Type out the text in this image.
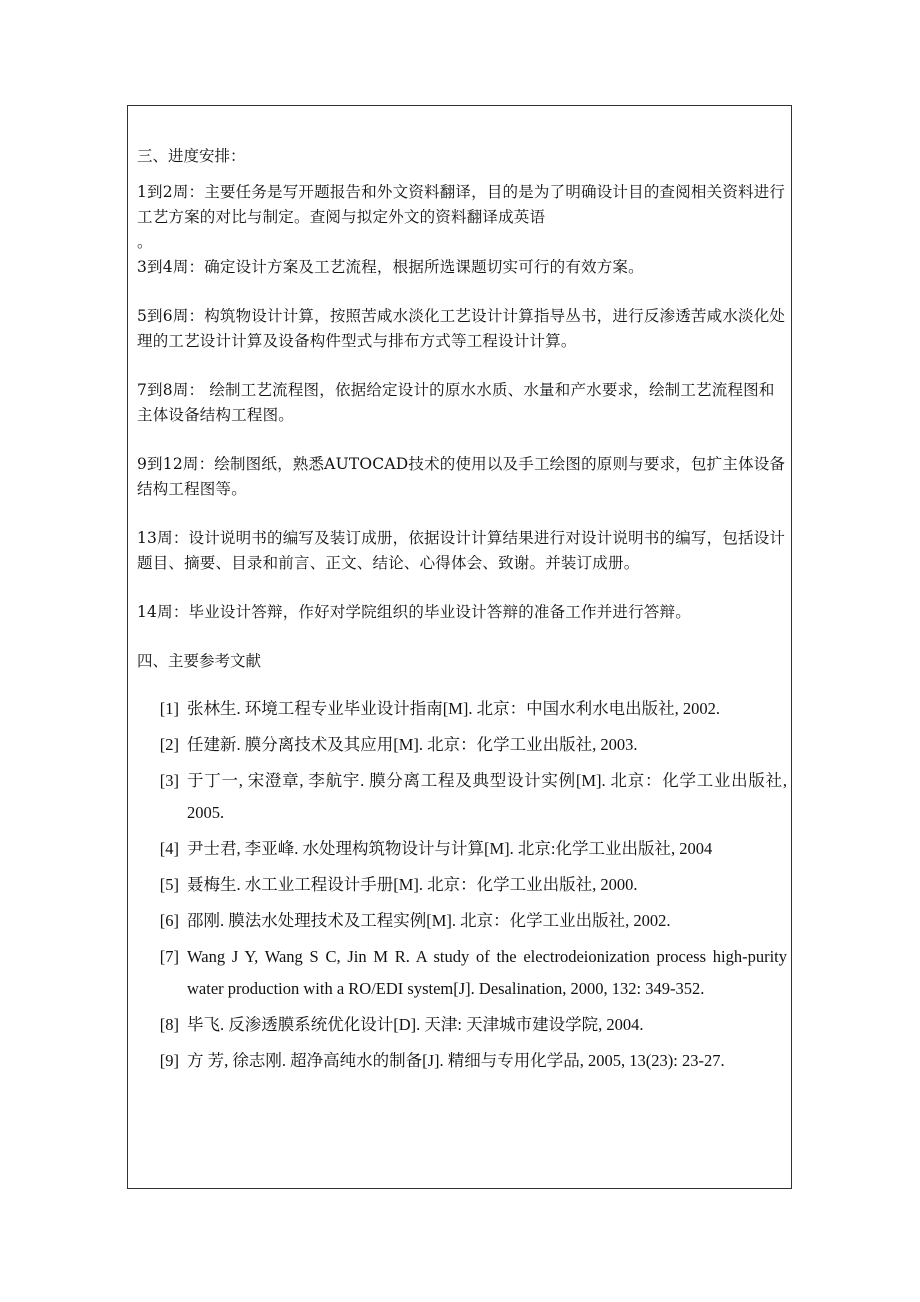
三、进度安排：

1到2周：主要任务是写开题报告和外文资料翻译，目的是为了明确设计目的查阅相关资料进行工艺方案的对比与制定。查阅与拟定外文的资料翻译成英语

。

3到4周：确定设计方案及工艺流程，根据所选课题切实可行的有效方案。

5到6周：构筑物设计计算，按照苦咸水淡化工艺设计计算指导丛书，进行反渗透苦咸水淡化处理的工艺设计计算及设备构件型式与排布方式等工程设计计算。

7到8周： 绘制工艺流程图，依据给定设计的原水水质、水量和产水要求，绘制工艺流程图和主体设备结构工程图。

9到12周：绘制图纸，熟悉AUTOCAD技术的使用以及手工绘图的原则与要求，包扩主体设备结构工程图等。

13周：设计说明书的编写及装订成册，依据设计计算结果进行对设计说明书的编写，包括设计题目、摘要、目录和前言、正文、结论、心得体会、致谢。并装订成册。

14周：毕业设计答辩，作好对学院组织的毕业设计答辩的准备工作并进行答辩。

四、主要参考文献

[1] 张林生. 环境工程专业毕业设计指南[M]. 北京：中国水利水电出版社, 2002.
[2] 任建新. 膜分离技术及其应用[M]. 北京：化学工业出版社, 2003.
[3] 于丁一, 宋澄章, 李航宇. 膜分离工程及典型设计实例[M]. 北京：化学工业出版社, 2005.
[4] 尹士君, 李亚峰. 水处理构筑物设计与计算[M]. 北京:化学工业出版社, 2004
[5] 聂梅生. 水工业工程设计手册[M]. 北京：化学工业出版社, 2000.
[6] 邵刚. 膜法水处理技术及工程实例[M]. 北京：化学工业出版社, 2002.
[7] Wang J Y, Wang S C, Jin M R. A study of the electrodeionization process high-purity water production with a RO/EDI system[J]. Desalination, 2000, 132: 349-352.
[8] 毕飞. 反渗透膜系统优化设计[D]. 天津: 天津城市建设学院, 2004.
[9] 方 芳, 徐志刚. 超净高纯水的制备[J]. 精细与专用化学品, 2005, 13(23): 23-27.
